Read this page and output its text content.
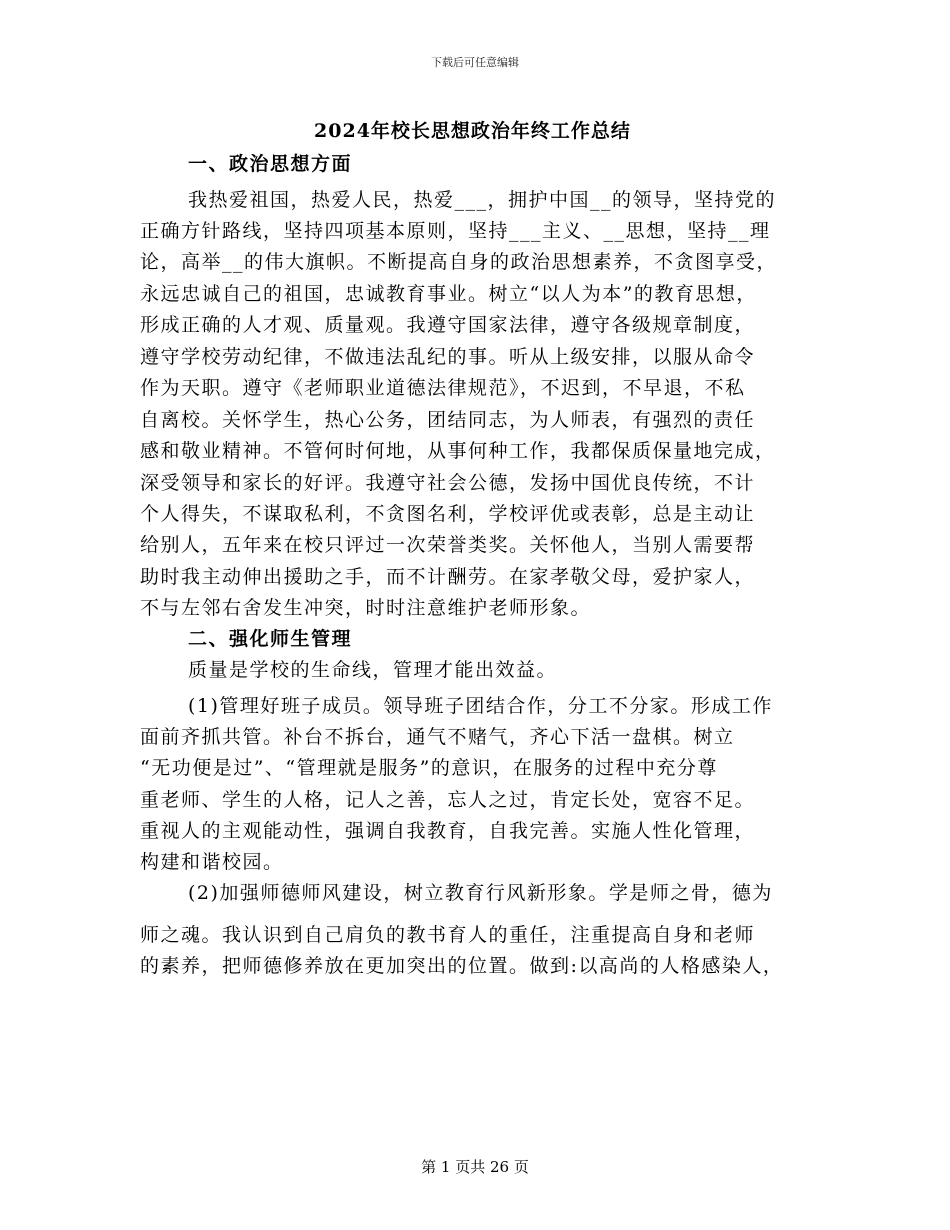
下载后可任意编辑
2024年校长思想政治年终工作总结
一、政治思想方面
我热爱祖国，热爱人民，热爱___，拥护中国__的领导，坚持党的
正确方针路线，坚持四项基本原则，坚持___主义、__思想，坚持__理
论，高举__的伟大旗帜。不断提高自身的政治思想素养，不贪图享受，
永远忠诚自己的祖国，忠诚教育事业。树立“以人为本”的教育思想，
形成正确的人才观、质量观。我遵守国家法律，遵守各级规章制度，
遵守学校劳动纪律，不做违法乱纪的事。听从上级安排，以服从命令
作为天职。遵守《老师职业道德法律规范》，不迟到，不早退，不私
自离校。关怀学生，热心公务，团结同志，为人师表，有强烈的责任
感和敬业精神。不管何时何地，从事何种工作，我都保质保量地完成，
深受领导和家长的好评。我遵守社会公德，发扬中国优良传统，不计
个人得失，不谋取私利，不贪图名利，学校评优或表彰，总是主动让
给别人，五年来在校只评过一次荣誉类奖。关怀他人，当别人需要帮
助时我主动伸出援助之手，而不计酬劳。在家孝敬父母，爱护家人，
不与左邻右舍发生冲突，时时注意维护老师形象。
二、强化师生管理
质量是学校的生命线，管理才能出效益。
(1)管理好班子成员。领导班子团结合作，分工不分家。形成工作
面前齐抓共管。补台不拆台，通气不赌气，齐心下活一盘棋。树立
“无功便是过”、“管理就是服务”的意识，在服务的过程中充分尊
重老师、学生的人格，记人之善，忘人之过，肯定长处，宽容不足。
重视人的主观能动性，强调自我教育，自我完善。实施人性化管理，
构建和谐校园。
(2)加强师德师风建设，树立教育行风新形象。学是师之骨，德为
师之魂。我认识到自己肩负的教书育人的重任，注重提高自身和老师
的素养，把师德修养放在更加突出的位置。做到:以高尚的人格感染人，
第 1 页共 26 页
